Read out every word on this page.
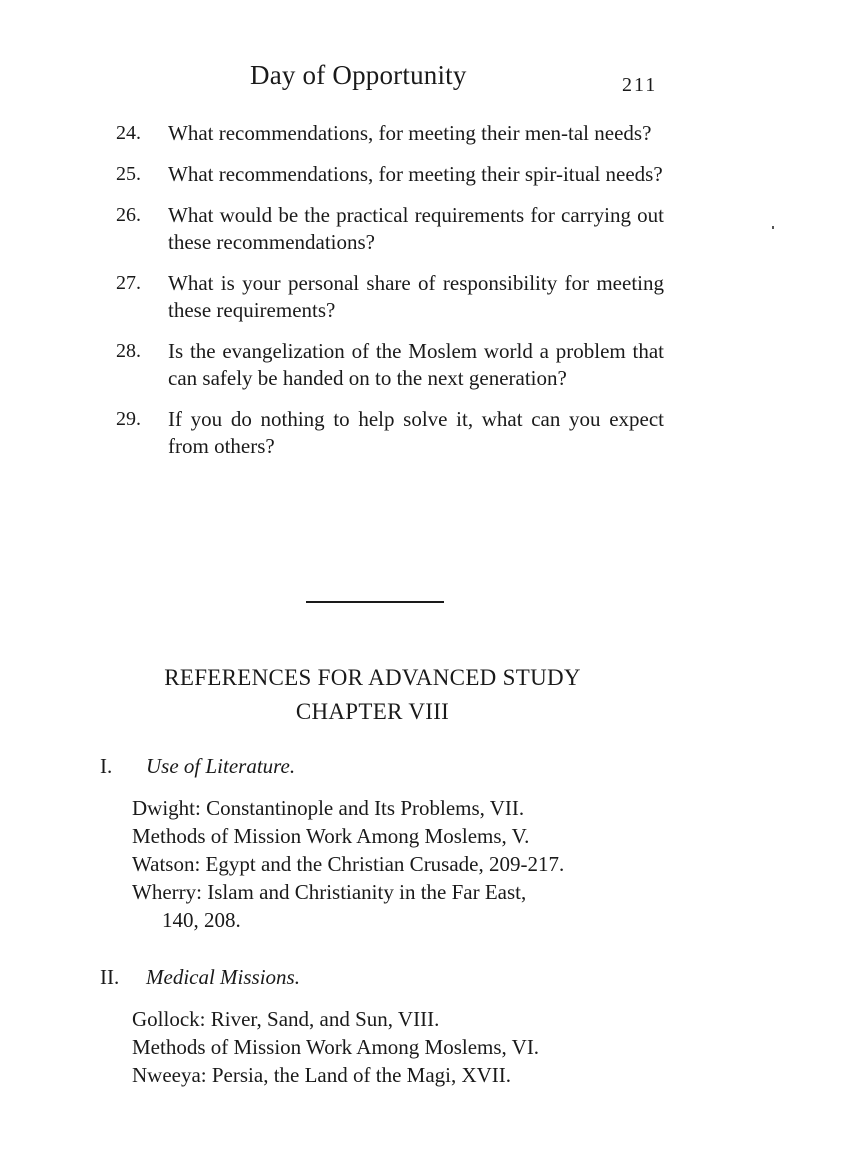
Day of Opportunity	211
24.	What recommendations, for meeting their men-tal needs?
25.	What recommendations, for meeting their spir-itual needs?
26.	What would be the practical requirements for carrying out these recommendations?
27.	What is your personal share of responsibility for meeting these requirements?
28.	Is the evangelization of the Moslem world a problem that can safely be handed on to the next generation?
29.	If you do nothing to help solve it, what can you expect from others?
REFERENCES FOR ADVANCED STUDY
CHAPTER VIII
I. Use of Literature.
Dwight: Constantinople and Its Problems, VII.
Methods of Mission Work Among Moslems, V.
Watson: Egypt and the Christian Crusade, 209-217.
Wherry: Islam and Christianity in the Far East,
140, 208.
II. Medical Missions.
Gollock: River, Sand, and Sun, VIII.
Methods of Mission Work Among Moslems, VI.
Nweeya: Persia, the Land of the Magi, XVII.
